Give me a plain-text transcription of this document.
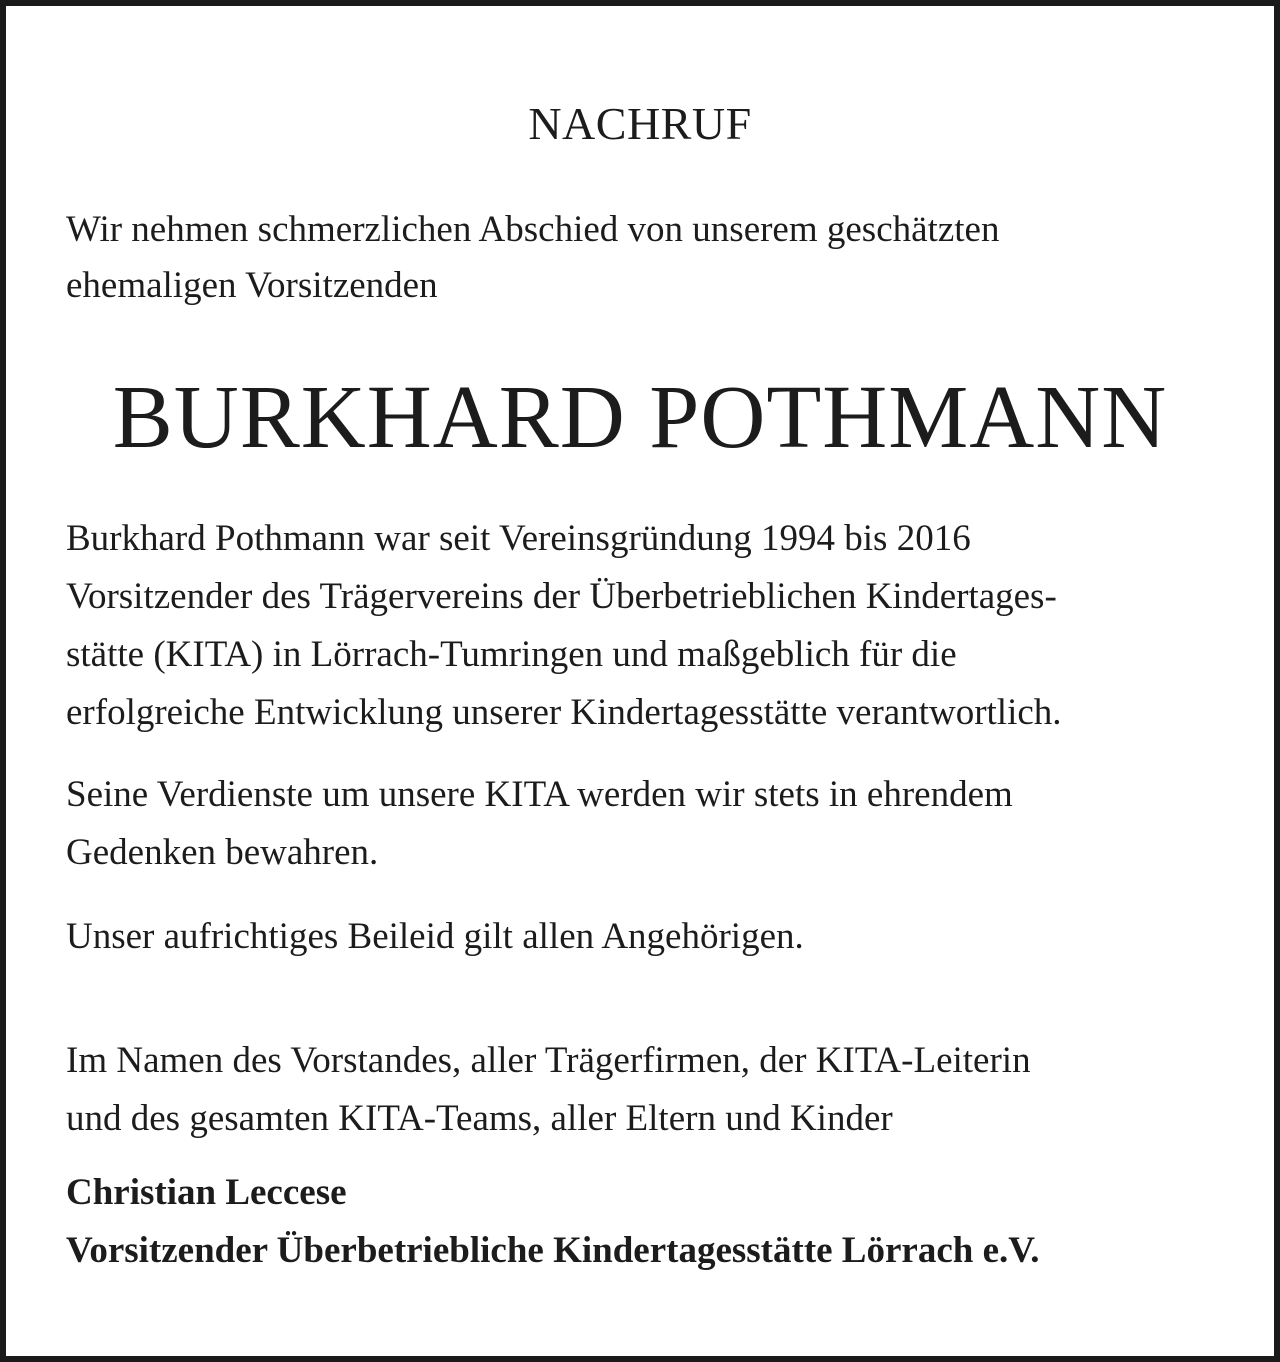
NACHRUF

Wir nehmen schmerzlichen Abschied von unserem geschätzten

ehemaligen Vorsitzenden

BURKHARD POTHMANN

Burkhard Pothmann war seit Vereinsgründung 1994 bis 2016

Vorsitzender des Trägervereins der Überbetrieblichen Kindertages-

stätte (KITA) in Lörrach-Tumringen und maßgeblich für die

erfolgreiche Entwicklung unserer Kindertagesstätte verantwortlich.

Seine Verdienste um unsere KITA werden wir stets in ehrendem

Gedenken bewahren.

Unser aufrichtiges Beileid gilt allen Angehörigen.

Im Namen des Vorstandes, aller Trägerfirmen, der KITA-Leiterin

und des gesamten KITA-Teams, aller Eltern und Kinder

Christian Leccese
Vorsitzender Überbetriebliche Kindertagesstätte Lörrach e.V.
